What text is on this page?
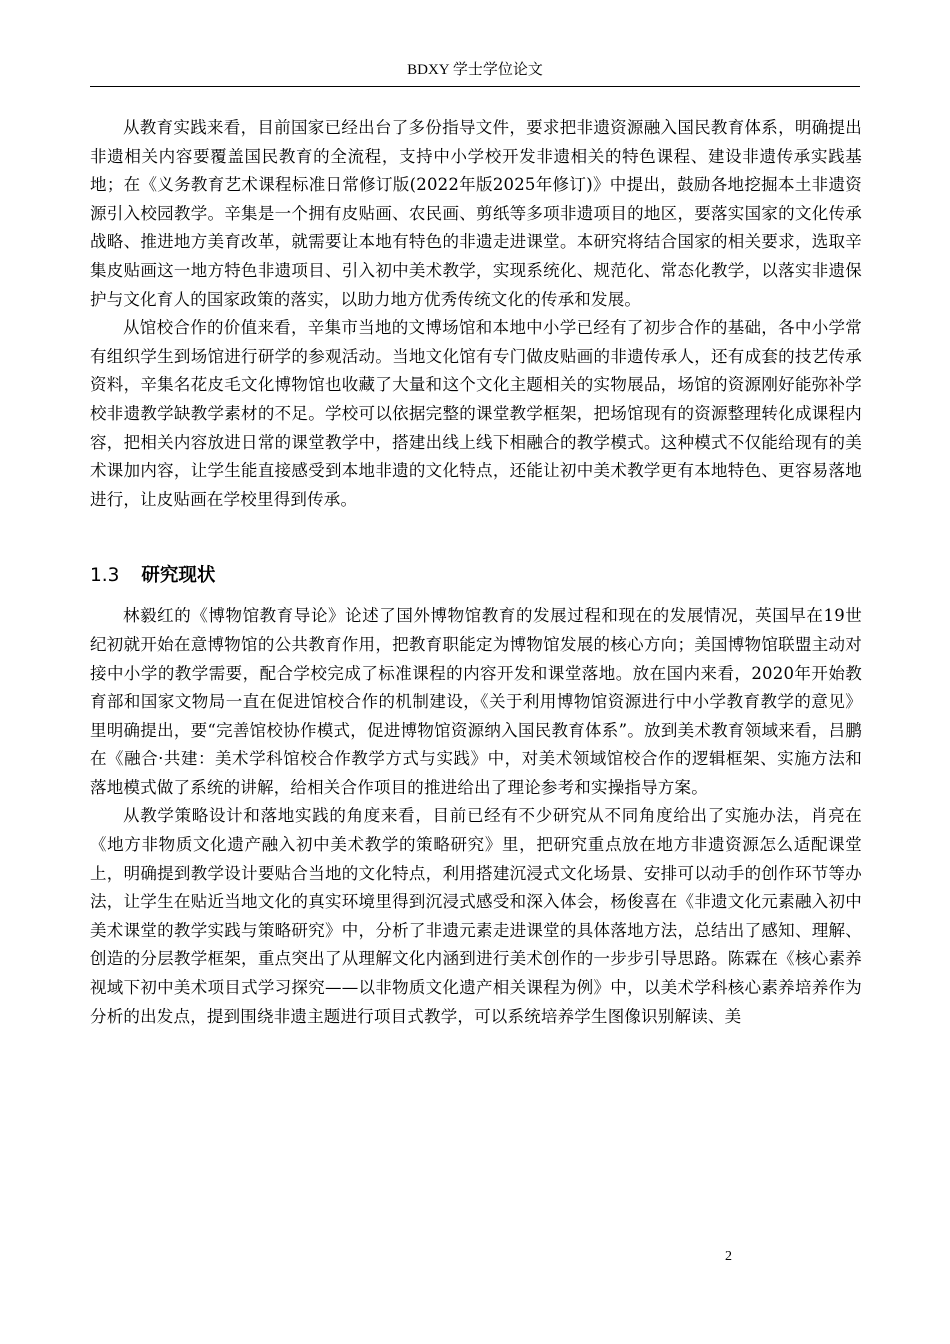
BDXY 学士学位论文

从教育实践来看，目前国家已经出台了多份指导文件，要求把非遗资源融入国民教育体系，明确提出非遗相关内容要覆盖国民教育的全流程，支持中小学校开发非遗相关的特色课程、建设非遗传承实践基地；在《义务教育艺术课程标准日常修订版(2022年版2025年修订)》中提出，鼓励各地挖掘本土非遗资源引入校园教学。辛集是一个拥有皮贴画、农民画、剪纸等多项非遗项目的地区，要落实国家的文化传承战略、推进地方美育改革，就需要让本地有特色的非遗走进课堂。本研究将结合国家的相关要求，选取辛集皮贴画这一地方特色非遗项目、引入初中美术教学，实现系统化、规范化、常态化教学，以落实非遗保护与文化育人的国家政策的落实，以助力地方优秀传统文化的传承和发展。

从馆校合作的价值来看，辛集市当地的文博场馆和本地中小学已经有了初步合作的基础，各中小学常有组织学生到场馆进行研学的参观活动。当地文化馆有专门做皮贴画的非遗传承人，还有成套的技艺传承资料，辛集名花皮毛文化博物馆也收藏了大量和这个文化主题相关的实物展品，场馆的资源刚好能弥补学校非遗教学缺教学素材的不足。学校可以依据完整的课堂教学框架，把场馆现有的资源整理转化成课程内容，把相关内容放进日常的课堂教学中，搭建出线上线下相融合的教学模式。这种模式不仅能给现有的美术课加内容，让学生能直接感受到本地非遗的文化特点，还能让初中美术教学更有本地特色、更容易落地进行，让皮贴画在学校里得到传承。

1.3 研究现状

林毅红的《博物馆教育导论》论述了国外博物馆教育的发展过程和现在的发展情况，英国早在19世纪初就开始在意博物馆的公共教育作用，把教育职能定为博物馆发展的核心方向；美国博物馆联盟主动对接中小学的教学需要，配合学校完成了标准课程的内容开发和课堂落地。放在国内来看，2020年开始教育部和国家文物局一直在促进馆校合作的机制建设，《关于利用博物馆资源进行中小学教育教学的意见》里明确提出，要“完善馆校协作模式，促进博物馆资源纳入国民教育体系”。放到美术教育领域来看，吕鹏在《融合·共建：美术学科馆校合作教学方式与实践》中，对美术领域馆校合作的逻辑框架、实施方法和落地模式做了系统的讲解，给相关合作项目的推进给出了理论参考和实操指导方案。

从教学策略设计和落地实践的角度来看，目前已经有不少研究从不同角度给出了实施办法，肖亮在《地方非物质文化遗产融入初中美术教学的策略研究》里，把研究重点放在地方非遗资源怎么适配课堂上，明确提到教学设计要贴合当地的文化特点，利用搭建沉浸式文化场景、安排可以动手的创作环节等办法，让学生在贴近当地文化的真实环境里得到沉浸式感受和深入体会，杨俊喜在《非遗文化元素融入初中美术课堂的教学实践与策略研究》中，分析了非遗元素走进课堂的具体落地方法，总结出了感知、理解、创造的分层教学框架，重点突出了从理解文化内涵到进行美术创作的一步步引导思路。陈霖在《核心素养视域下初中美术项目式学习探究——以非物质文化遗产相关课程为例》中，以美术学科核心素养培养作为分析的出发点，提到围绕非遗主题进行项目式教学，可以系统培养学生图像识别解读、美

2
